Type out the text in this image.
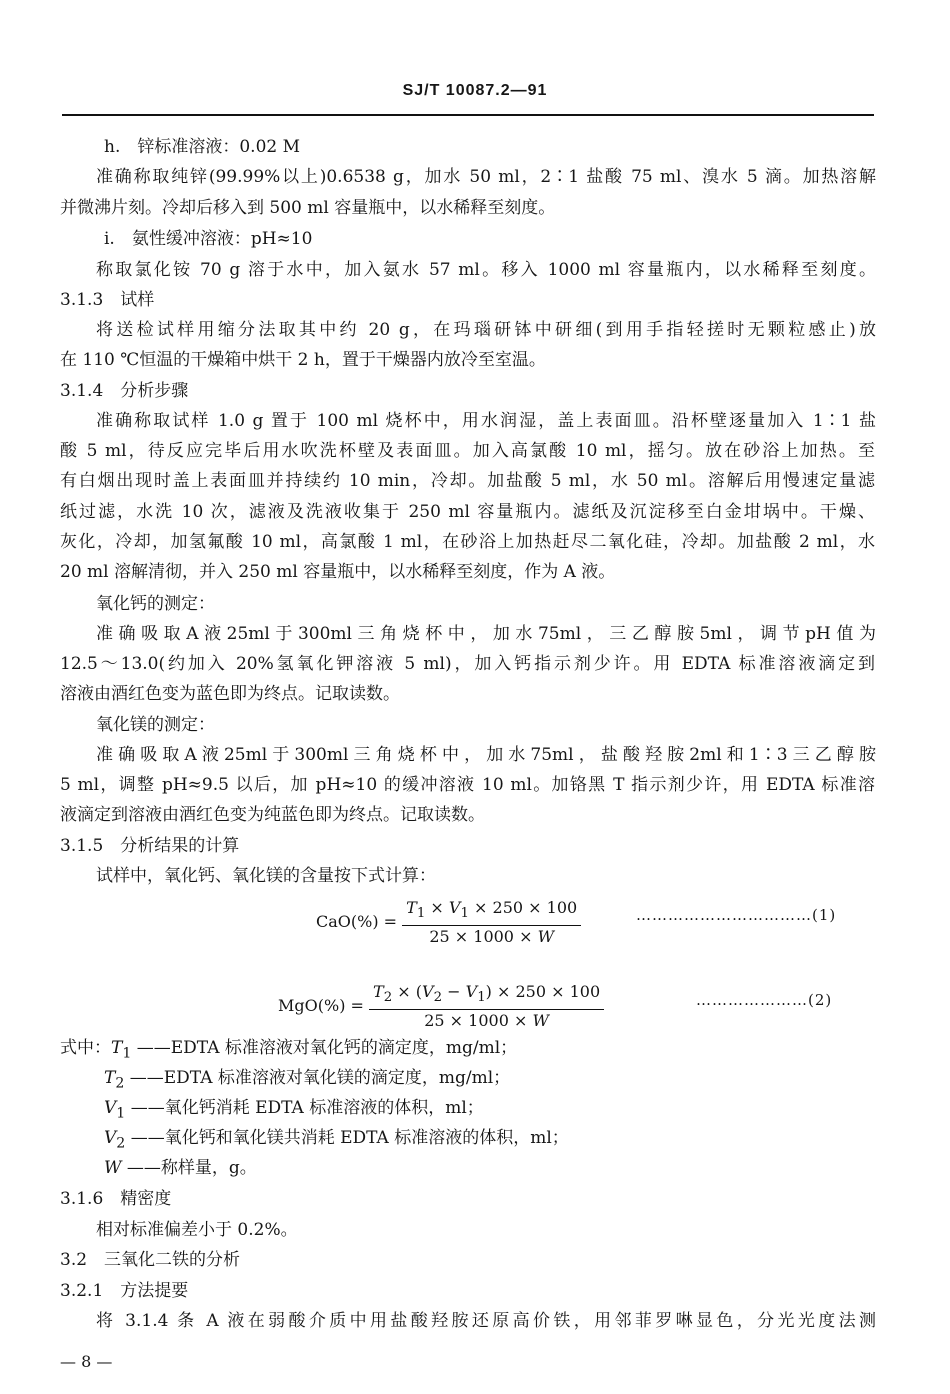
SJ/T 10087.2—91
h.　锌标准溶液：0.02 M
准确称取纯锌(99.99%以上)0.6538 g，加水 50 ml，2∶1 盐酸 75 ml、溴水 5 滴。加热溶解
并微沸片刻。冷却后移入到 500 ml 容量瓶中，以水稀释至刻度。
i.　氨性缓冲溶液：pH≈10
称取氯化铵 70 g 溶于水中，加入氨水 57 ml。移入 1000 ml 容量瓶内，以水稀释至刻度。
3.1.3　试样
将送检试样用缩分法取其中约 20 g，在玛瑙研钵中研细(到用手指轻搓时无颗粒感止)放
在 110 ℃恒温的干燥箱中烘干 2 h，置于干燥器内放冷至室温。
3.1.4　分析步骤
准确称取试样 1.0 g 置于 100 ml 烧杯中，用水润湿，盖上表面皿。沿杯壁逐量加入 1∶1 盐
酸 5 ml，待反应完毕后用水吹洗杯壁及表面皿。加入高氯酸 10 ml，摇匀。放在砂浴上加热。至
有白烟出现时盖上表面皿并持续约 10 min，冷却。加盐酸 5 ml，水 50 ml。溶解后用慢速定量滤
纸过滤，水洗 10 次，滤液及洗液收集于 250 ml 容量瓶内。滤纸及沉淀移至白金坩埚中。干燥、
灰化，冷却，加氢氟酸 10 ml，高氯酸 1 ml，在砂浴上加热赶尽二氧化硅，冷却。加盐酸 2 ml，水
20 ml 溶解清彻，并入 250 ml 容量瓶中，以水稀释至刻度，作为 A 液。
氧化钙的测定：
准确吸取A液25ml于300ml三角烧杯中，加水75ml，三乙醇胺5ml，调节pH值为
12.5～13.0(约加入 20%氢氧化钾溶液 5 ml)，加入钙指示剂少许。用 EDTA 标准溶液滴定到
溶液由酒红色变为蓝色即为终点。记取读数。
氧化镁的测定：
准确吸取A液25ml于300ml三角烧杯中，加水75ml，盐酸羟胺2ml和1∶3三乙醇胺
5 ml，调整 pH≈9.5 以后，加 pH≈10 的缓冲溶液 10 ml。加铬黑 T 指示剂少许，用 EDTA 标准溶
液滴定到溶液由酒红色变为纯蓝色即为终点。记取读数。
3.1.5　分析结果的计算
试样中，氧化钙、氧化镁的含量按下式计算：
$CaO(\%) = \frac{T_1 \times V_1 \times 250 \times 100}{25 \times 1000 \times W}$	……………………………(1)
$MgO(\%) = \frac{T_2 \times (V_2 - V_1) \times 250 \times 100}{25 \times 1000 \times W}$	…………………(2)
式中：$T_1$ ——EDTA 标准溶液对氧化钙的滴定度，mg/ml；
$T_2$ ——EDTA 标准溶液对氧化镁的滴定度，mg/ml；
$V_1$ ——氧化钙消耗 EDTA 标准溶液的体积，ml；
$V_2$ ——氧化钙和氧化镁共消耗 EDTA 标准溶液的体积，ml；
W ——称样量，g。
3.1.6　精密度
相对标准偏差小于 0.2%。
3.2　三氧化二铁的分析
3.2.1　方法提要
将 3.1.4 条 A 液在弱酸介质中用盐酸羟胺还原高价铁，用邻菲罗啉显色，分光光度法测
— 8 —
